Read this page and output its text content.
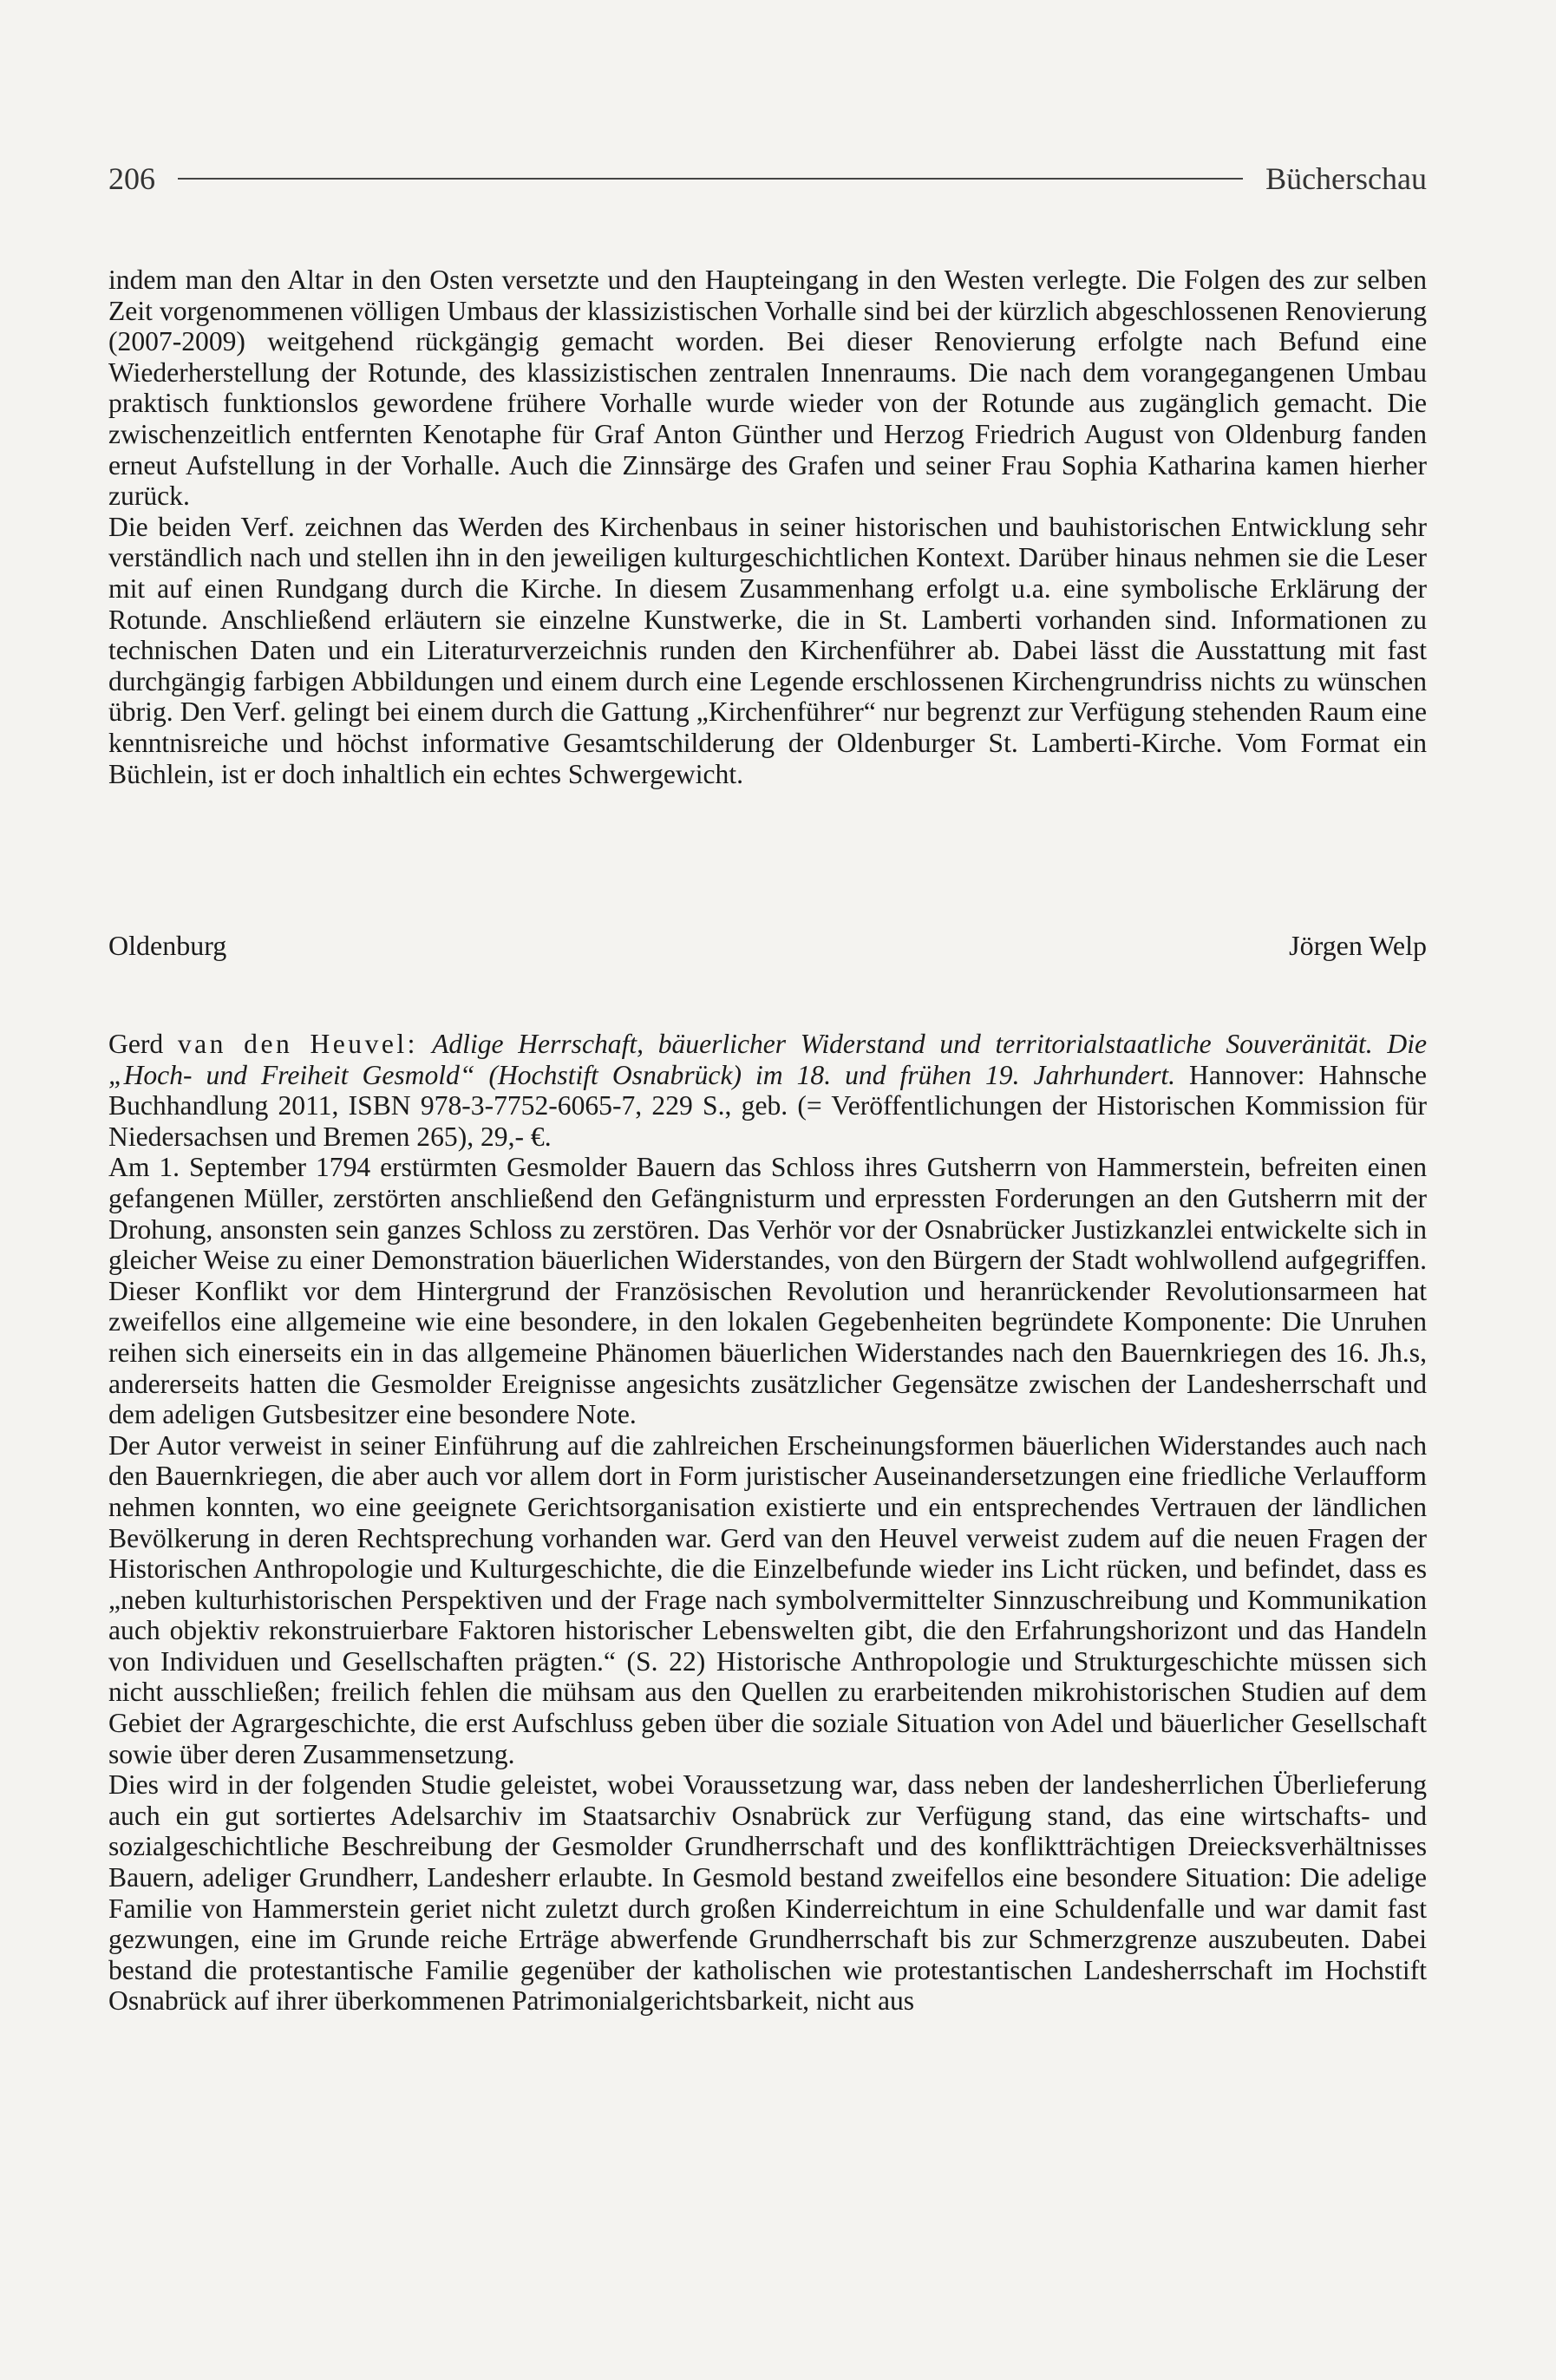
206	Bücherschau

indem man den Altar in den Osten versetzte und den Haupteingang in den Westen verlegte. Die Folgen des zur selben Zeit vorgenommenen völligen Umbaus der klassizistischen Vorhalle sind bei der kürzlich abgeschlossenen Renovierung (2007-2009) weitgehend rückgängig gemacht worden. Bei dieser Renovierung erfolgte nach Befund eine Wiederherstellung der Rotunde, des klassizistischen zentralen Innenraums. Die nach dem vorangegangenen Umbau praktisch funktionslos gewordene frühere Vorhalle wurde wieder von der Rotunde aus zugänglich gemacht. Die zwischenzeitlich entfernten Kenotaphe für Graf Anton Günther und Herzog Friedrich August von Oldenburg fanden erneut Aufstellung in der Vorhalle. Auch die Zinnsärge des Grafen und seiner Frau Sophia Katharina kamen hierher zurück.

Die beiden Verf. zeichnen das Werden des Kirchenbaus in seiner historischen und bauhistorischen Entwicklung sehr verständlich nach und stellen ihn in den jeweiligen kulturgeschichtlichen Kontext. Darüber hinaus nehmen sie die Leser mit auf einen Rundgang durch die Kirche. In diesem Zusammenhang erfolgt u.a. eine symbolische Erklärung der Rotunde. Anschließend erläutern sie einzelne Kunstwerke, die in St. Lamberti vorhanden sind. Informationen zu technischen Daten und ein Literaturverzeichnis runden den Kirchenführer ab. Dabei lässt die Ausstattung mit fast durchgängig farbigen Abbildungen und einem durch eine Legende erschlossenen Kirchengrundriss nichts zu wünschen übrig. Den Verf. gelingt bei einem durch die Gattung „Kirchenführer“ nur begrenzt zur Verfügung stehenden Raum eine kenntnisreiche und höchst informative Gesamtschilderung der Oldenburger St. Lamberti-Kirche. Vom Format ein Büchlein, ist er doch inhaltlich ein echtes Schwergewicht.

Oldenburg	Jörgen Welp

Gerd van den Heuvel: Adlige Herrschaft, bäuerlicher Widerstand und territorialstaatliche Souveränität. Die „Hoch- und Freiheit Gesmold“ (Hochstift Osnabrück) im 18. und frühen 19. Jahrhundert. Hannover: Hahnsche Buchhandlung 2011, ISBN 978-3-7752-6065-7, 229 S., geb. (= Veröffentlichungen der Historischen Kommission für Niedersachsen und Bremen 265), 29,- €.

Am 1. September 1794 erstürmten Gesmolder Bauern das Schloss ihres Gutsherrn von Hammerstein, befreiten einen gefangenen Müller, zerstörten anschließend den Gefängnisturm und erpressten Forderungen an den Gutsherrn mit der Drohung, ansonsten sein ganzes Schloss zu zerstören. Das Verhör vor der Osnabrücker Justizkanzlei entwickelte sich in gleicher Weise zu einer Demonstration bäuerlichen Widerstandes, von den Bürgern der Stadt wohlwollend aufgegriffen. Dieser Konflikt vor dem Hintergrund der Französischen Revolution und heranrückender Revolutionsarmeen hat zweifellos eine allgemeine wie eine besondere, in den lokalen Gegebenheiten begründete Komponente: Die Unruhen reihen sich einerseits ein in das allgemeine Phänomen bäuerlichen Widerstandes nach den Bauernkriegen des 16. Jh.s, andererseits hatten die Gesmolder Ereignisse angesichts zusätzlicher Gegensätze zwischen der Landesherrschaft und dem adeligen Gutsbesitzer eine besondere Note.

Der Autor verweist in seiner Einführung auf die zahlreichen Erscheinungsformen bäuerlichen Widerstandes auch nach den Bauernkriegen, die aber auch vor allem dort in Form juristischer Auseinandersetzungen eine friedliche Verlaufform nehmen konnten, wo eine geeignete Gerichtsorganisation existierte und ein entsprechendes Vertrauen der ländlichen Bevölkerung in deren Rechtsprechung vorhanden war. Gerd van den Heuvel verweist zudem auf die neuen Fragen der Historischen Anthropologie und Kulturgeschichte, die die Einzelbefunde wieder ins Licht rücken, und befindet, dass es „neben kulturhistorischen Perspektiven und der Frage nach symbolvermittelter Sinnzuschreibung und Kommunikation auch objektiv rekonstruierbare Faktoren historischer Lebenswelten gibt, die den Erfahrungshorizont und das Handeln von Individuen und Gesellschaften prägten.“ (S. 22) Historische Anthropologie und Strukturgeschichte müssen sich nicht ausschließen; freilich fehlen die mühsam aus den Quellen zu erarbeitenden mikrohistorischen Studien auf dem Gebiet der Agrargeschichte, die erst Aufschluss geben über die soziale Situation von Adel und bäuerlicher Gesellschaft sowie über deren Zusammensetzung.

Dies wird in der folgenden Studie geleistet, wobei Voraussetzung war, dass neben der landesherrlichen Überlieferung auch ein gut sortiertes Adelsarchiv im Staatsarchiv Osnabrück zur Verfügung stand, das eine wirtschafts- und sozialgeschichtliche Beschreibung der Gesmolder Grundherrschaft und des konfliktträchtigen Dreiecksverhältnisses Bauern, adeliger Grundherr, Landesherr erlaubte. In Gesmold bestand zweifellos eine besondere Situation: Die adelige Familie von Hammerstein geriet nicht zuletzt durch großen Kinderreichtum in eine Schuldenfalle und war damit fast gezwungen, eine im Grunde reiche Erträge abwerfende Grundherrschaft bis zur Schmerzgrenze auszubeuten. Dabei bestand die protestantische Familie gegenüber der katholischen wie protestantischen Landesherrschaft im Hochstift Osnabrück auf ihrer überkommenen Patrimonialgerichtsbarkeit, nicht aus
